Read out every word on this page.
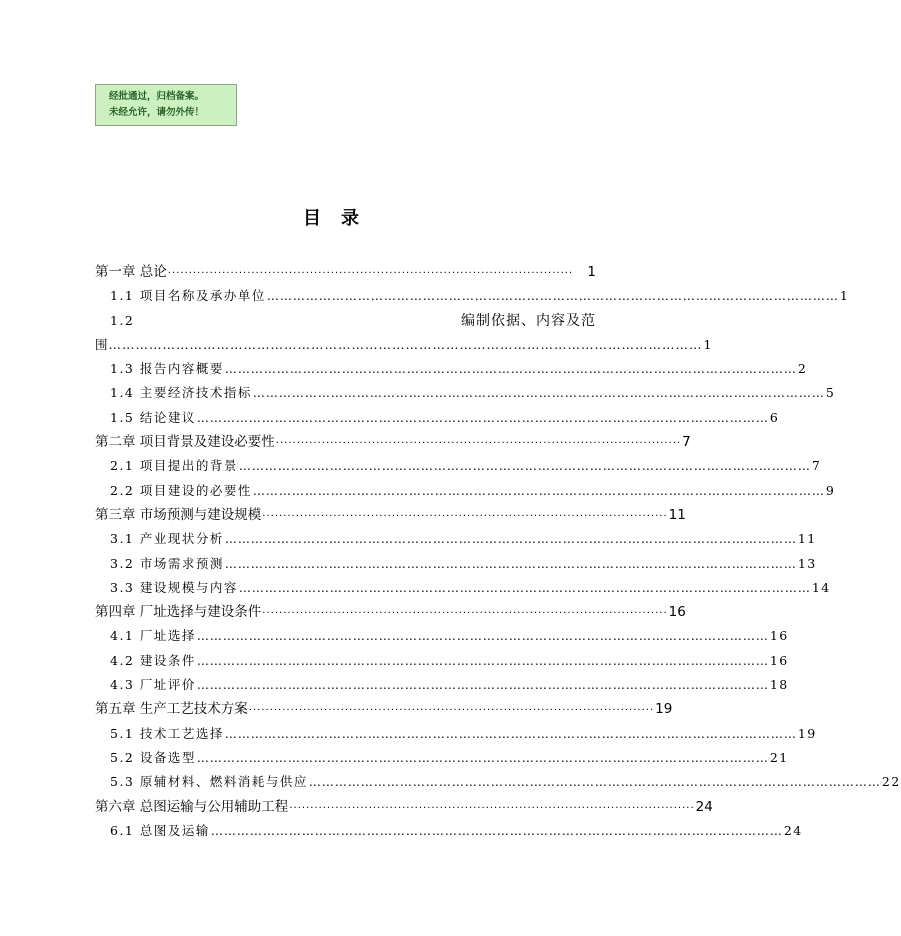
经批通过，归档备案。
未经允许，请勿外传！
目录
第一章 总论 ·································································································	1
1.1 项目名称及承办单位 …………………………………………………………………………………………………………………… 1
1.2	编制依据、内容及范
围 …………………………………………………………………………………………………………………… 1
1.3 报告内容概要 …………………………………………………………………………………………………………………… 2
1.4 主要经济技术指标 …………………………………………………………………………………………………………………… 5
1.5 结论建议 …………………………………………………………………………………………………………………… 6
第二章 项目背景及建设必要性 ································································································· 7
2.1 项目提出的背景 …………………………………………………………………………………………………………………… 7
2.2 项目建设的必要性 …………………………………………………………………………………………………………………… 9
第三章 市场预测与建设规模 ································································································· 11
3.1 产业现状分析 …………………………………………………………………………………………………………………… 11
3.2 市场需求预测 …………………………………………………………………………………………………………………… 13
3.3 建设规模与内容 …………………………………………………………………………………………………………………… 14
第四章 厂址选择与建设条件 ································································································· 16
4.1 厂址选择 …………………………………………………………………………………………………………………… 16
4.2 建设条件 …………………………………………………………………………………………………………………… 16
4.3 厂址评价 …………………………………………………………………………………………………………………… 18
第五章 生产工艺技术方案 ································································································· 19
5.1 技术工艺选择 …………………………………………………………………………………………………………………… 19
5.2 设备选型 …………………………………………………………………………………………………………………… 21
5.3 原辅材料、燃料消耗与供应 …………………………………………………………………………………………………………………… 22
第六章 总图运输与公用辅助工程 ································································································· 24
6.1 总图及运输 …………………………………………………………………………………………………………………… 24
